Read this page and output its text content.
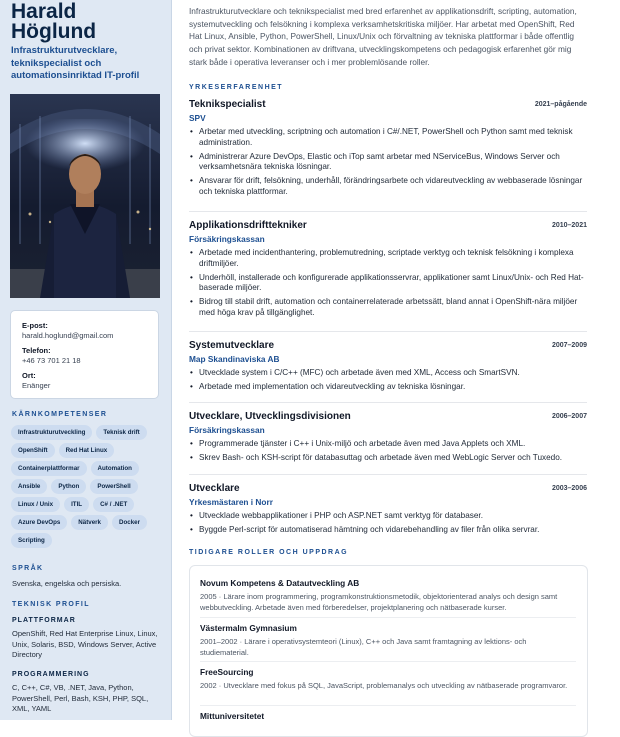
Harald
Höglund
Infrastrukturutvecklare, teknikspecialist och automationsinriktad IT-profil
E-post:
harald.hoglund@gmail.com
Telefon:
+46 73 701 21 18
Ort:
Enänger
KÄRNKOMPETENSER
Infrastrukturutveckling	Teknisk drift
OpenShift	Red Hat Linux
Containerplattformar	Automation
Ansible	Python	PowerShell
Linux / Unix	ITIL	C# / .NET
Azure DevOps	Nätverk	Docker
Scripting
SPRÅK
Svenska, engelska och persiska.
TEKNISK PROFIL
PLATTFORMAR
OpenShift, Red Hat Enterprise Linux, Linux, Unix, Solaris, BSD, Windows Server, Active Directory
PROGRAMMERING
C, C++, C#, VB, .NET, Java, Python, PowerShell, Perl, Bash, KSH, PHP, SQL, XML, YAML

Infrastrukturutvecklare och teknikspecialist med bred erfarenhet av applikationsdrift, scripting, automation, systemutveckling och felsökning i komplexa verksamhetskritiska miljöer. Har arbetat med OpenShift, Red Hat Linux, Ansible, Python, PowerShell, Linux/Unix och förvaltning av tekniska plattformar i både offentlig och privat sektor. Kombinationen av driftvana, utvecklingskompetens och pedagogisk erfarenhet gör mig stark både i operativa leveranser och i mer problemlösande roller.

YRKESERFARENHET
Teknikspecialist	2021–pågående
SPV
• Arbetar med utveckling, scriptning och automation i C#/.NET, PowerShell och Python samt med teknisk administration.
• Administrerar Azure DevOps, Elastic och iTop samt arbetar med NServiceBus, Windows Server och verksamhetsnära tekniska lösningar.
• Ansvarar för drift, felsökning, underhåll, förändringsarbete och vidareutveckling av webbaserade lösningar och tekniska plattformar.
Applikationsdrifttekniker	2010–2021
Försäkringskassan
• Arbetade med incidenthantering, problemutredning, scriptade verktyg och teknisk felsökning i komplexa driftmiljöer.
• Underhöll, installerade och konfigurerade applikationsservrar, applikationer samt Linux/Unix- och Red Hat-baserade miljöer.
• Bidrog till stabil drift, automation och containerrelaterade arbetssätt, bland annat i OpenShift-nära miljöer med höga krav på tillgänglighet.
Systemutvecklare	2007–2009
Map Skandinaviska AB
• Utvecklade system i C/C++ (MFC) och arbetade även med XML, Access och SmartSVN.
• Arbetade med implementation och vidareutveckling av tekniska lösningar.
Utvecklare, Utvecklingsdivisionen	2006–2007
Försäkringskassan
• Programmerade tjänster i C++ i Unix-miljö och arbetade även med Java Applets och XML.
• Skrev Bash- och KSH-script för databasuttag och arbetade även med WebLogic Server och Tuxedo.
Utvecklare	2003–2006
Yrkesmästaren i Norr
• Utvecklade webbapplikationer i PHP och ASP.NET samt verktyg för databaser.
• Byggde Perl-script för automatiserad hämtning och vidarebehandling av filer från olika servrar.
TIDIGARE ROLLER OCH UPPDRAG
Novum Kompetens & Datautveckling AB
2005 · Lärare inom programmering, programkonstruktionsmetodik, objektorienterad analys och design samt webbutveckling. Arbetade även med förberedelser, projektplanering och nätbaserade kurser.
Västermalm Gymnasium
2001–2002 · Lärare i operativsystemteori (Linux), C++ och Java samt framtagning av lektions- och studiematerial.
FreeSourcing
2002 · Utvecklare med fokus på SQL, JavaScript, problemanalys och utveckling av nätbaserade programvaror.
Mittuniversitetet
